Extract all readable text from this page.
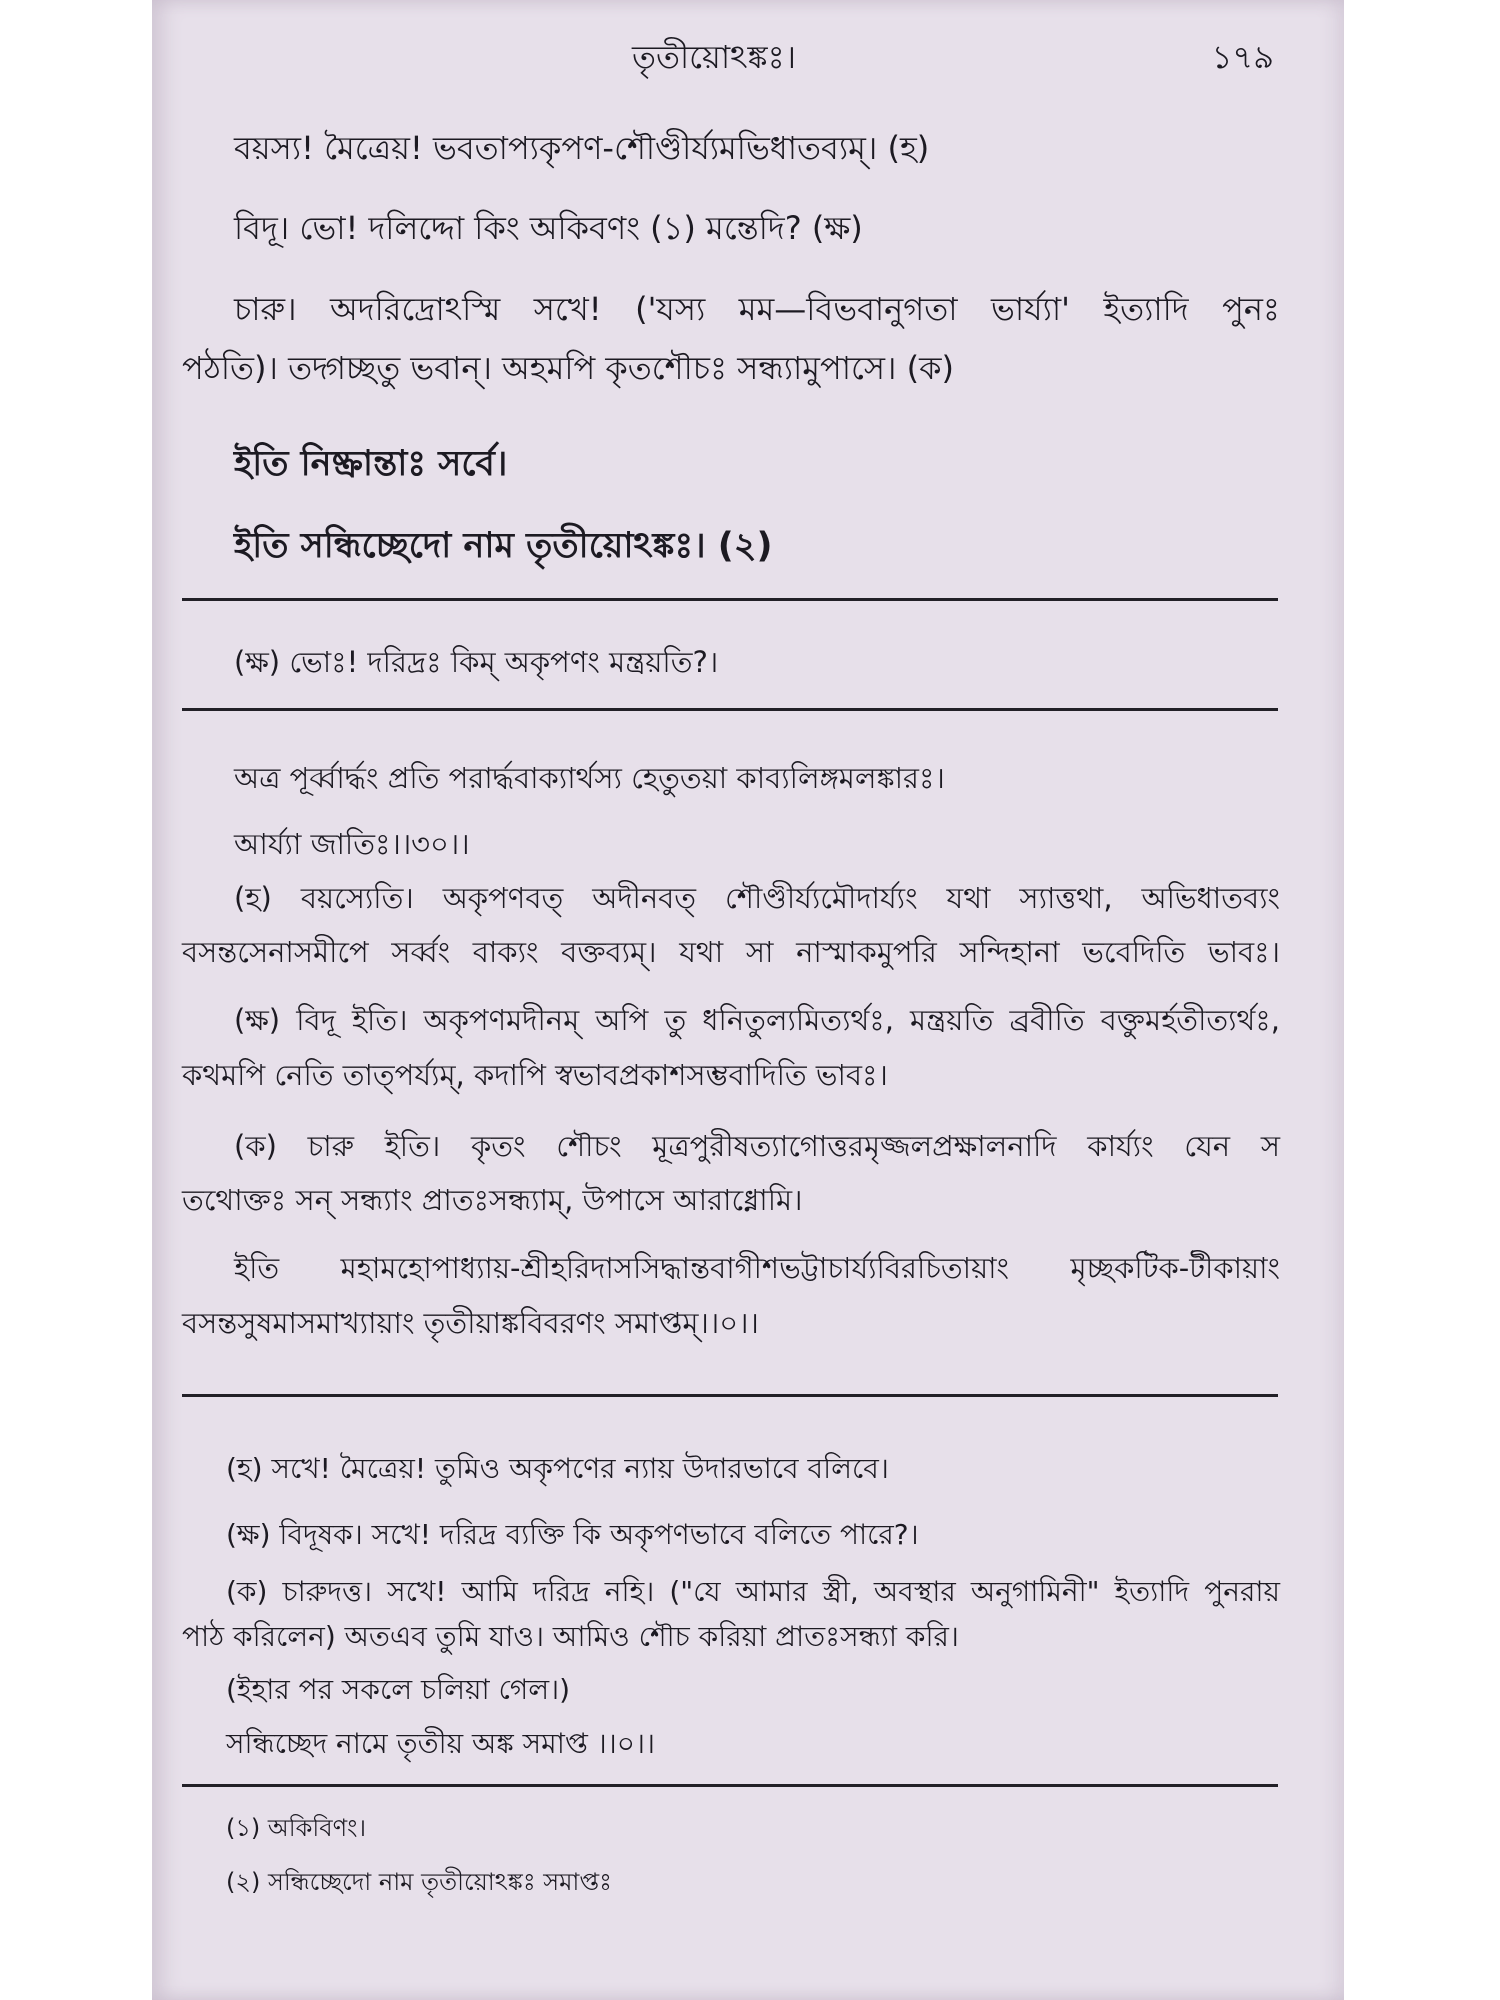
তৃতীয়োঽঙ্কঃ।	১৭৯
বয়স্য! মৈত্রেয়! ভবতাপ্যকৃপণ-শৌণ্ডীর্য্যমভিধাতব্যম্। (হ)
বিদূ। ভো! দলিদ্দো কিং অকিবণং (১) মন্তেদি? (ক্ষ)
চারু। অদরিদ্রোঽস্মি সখে! ('যস্য মম—বিভবানুগতা ভার্য্যা' ইত্যাদি পুনঃ
পঠতি)। তদ্গচ্ছতু ভবান্। অহমপি কৃতশৌচঃ সন্ধ্যামুপাসে। (ক)
ইতি নিষ্ক্রান্তাঃ সর্বে।
ইতি সন্ধিচ্ছেদো নাম তৃতীয়োঽঙ্কঃ। (২)
(ক্ষ) ভোঃ! দরিদ্রঃ কিম্ অকৃপণং মন্ত্রয়তি?।
অত্র পূর্ব্বার্দ্ধং প্রতি পরার্দ্ধবাক্যার্থস্য হেতুতয়া কাব্যলিঙ্গমলঙ্কারঃ।
আর্য্যা জাতিঃ।।৩০।।
(হ) বয়স্যেতি। অকৃপণবত্ অদীনবত্ শৌণ্ডীর্য্যমৌদার্য্যং যথা স্যাত্তথা, অভিধাতব্যং
বসন্তসেনাসমীপে সর্ব্বং বাক্যং বক্তব্যম্। যথা সা নাস্মাকমুপরি সন্দিহানা ভবেদিতি ভাবঃ।
(ক্ষ) বিদূ ইতি। অকৃপণমদীনম্ অপি তু ধনিতুল্যমিত্যর্থঃ, মন্ত্রয়তি ব্রবীতি বক্তুমর্হতীত্যর্থঃ,
কথমপি নেতি তাত্পর্য্যম্, কদাপি স্বভাবপ্রকাশসম্ভবাদিতি ভাবঃ।
(ক) চারু ইতি। কৃতং শৌচং মূত্রপুরীষত্যাগোত্তরমৃজ্জলপ্রক্ষালনাদি কার্য্যং যেন স
তথোক্তঃ সন্ সন্ধ্যাং প্রাতঃসন্ধ্যাম্, উপাসে আরাধ্নোমি।
ইতি মহামহোপাধ্যায়-শ্রীহরিদাসসিদ্ধান্তবাগীশভট্টাচার্য্যবিরচিতায়াং মৃচ্ছকটিক-টীকায়াং
বসন্তসুষমাসমাখ্যায়াং তৃতীয়াঙ্কবিবরণং সমাপ্তম্।।০।।
(হ) সখে! মৈত্রেয়! তুমিও অকৃপণের ন্যায় উদারভাবে বলিবে।
(ক্ষ) বিদূষক। সখে! দরিদ্র ব্যক্তি কি অকৃপণভাবে বলিতে পারে?।
(ক) চারুদত্ত। সখে! আমি দরিদ্র নহি। ("যে আমার স্ত্রী, অবস্থার অনুগামিনী" ইত্যাদি পুনরায়
পাঠ করিলেন) অতএব তুমি যাও। আমিও শৌচ করিয়া প্রাতঃসন্ধ্যা করি।
(ইহার পর সকলে চলিয়া গেল।)
সন্ধিচ্ছেদ নামে তৃতীয় অঙ্ক সমাপ্ত ।।০।।
(১) অকিবিণং।
(২) সন্ধিচ্ছেদো নাম তৃতীয়োঽঙ্কঃ সমাপ্তঃ
